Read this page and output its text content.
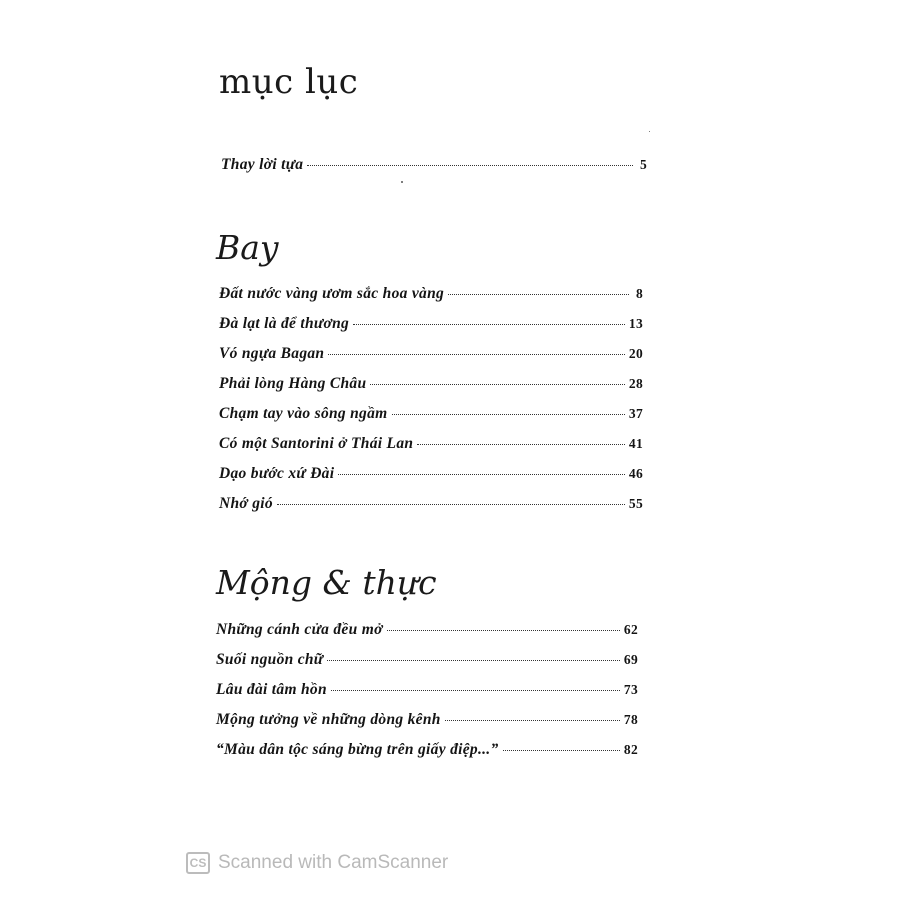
mục lục
Thay lời tựa	5
Bay
Đất nước vàng ươm sắc hoa vàng	8
Đà lạt là để thương	13
Vó ngựa Bagan	20
Phải lòng Hàng Châu	28
Chạm tay vào sông ngầm	37
Có một Santorini ở Thái Lan	41
Dạo bước xứ Đài	46
Nhớ gió	55
Mộng & thực
Những cánh cửa đều mở	62
Suối nguồn chữ	69
Lâu đài tâm hồn	73
Mộng tưởng về những dòng kênh	78
“Màu dân tộc sáng bừng trên giấy điệp...”	82
CS Scanned with CamScanner
